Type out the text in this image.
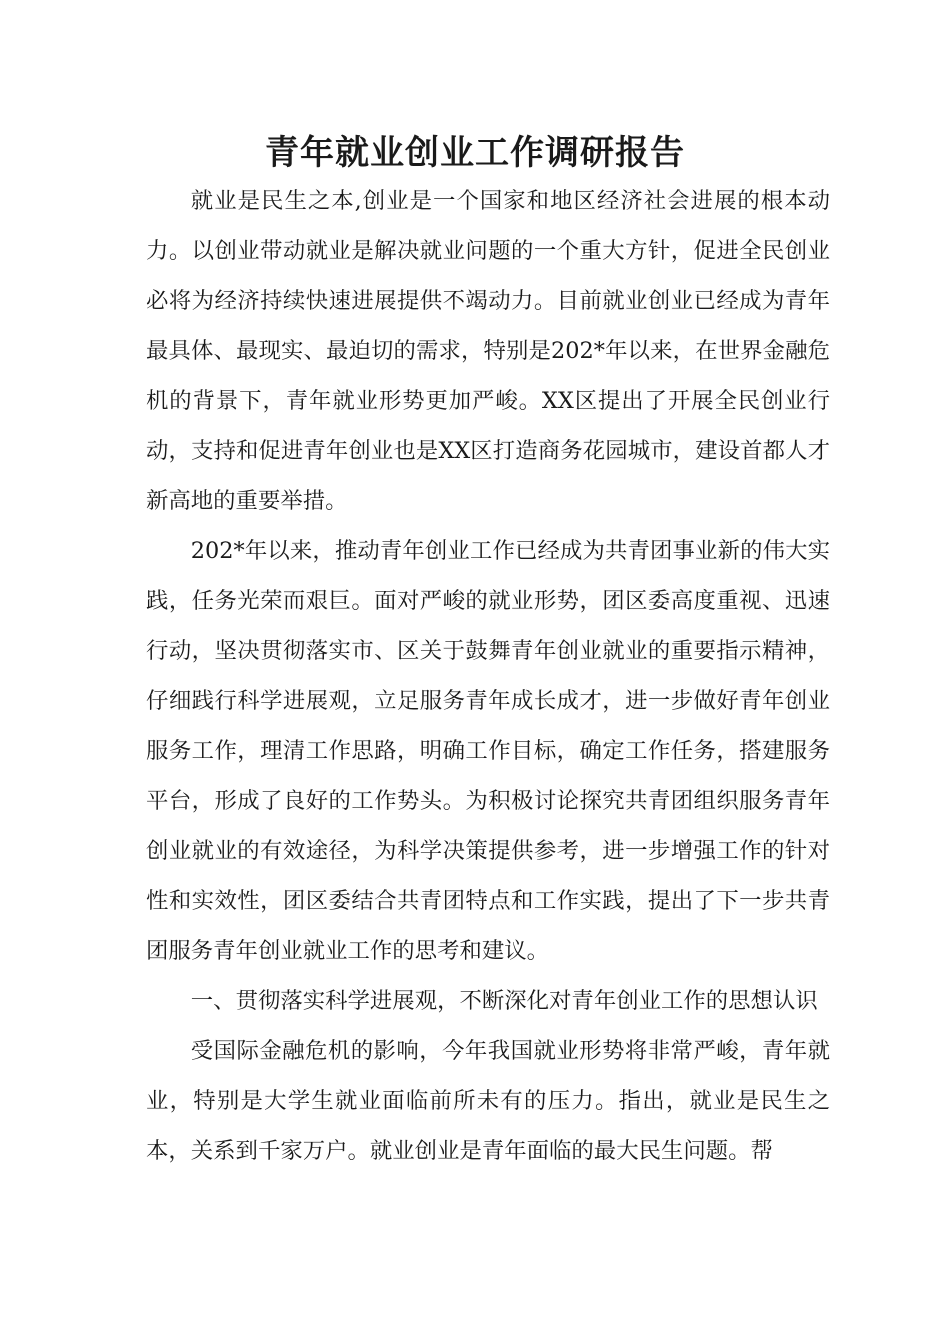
青年就业创业工作调研报告

就业是民生之本,创业是一个国家和地区经济社会进展的根本动力。以创业带动就业是解决就业问题的一个重大方针，促进全民创业必将为经济持续快速进展提供不竭动力。目前就业创业已经成为青年最具体、最现实、最迫切的需求，特别是202*年以来，在世界金融危机的背景下，青年就业形势更加严峻。XX区提出了开展全民创业行动，支持和促进青年创业也是XX区打造商务花园城市，建设首都人才新高地的重要举措。

202*年以来，推动青年创业工作已经成为共青团事业新的伟大实践，任务光荣而艰巨。面对严峻的就业形势，团区委高度重视、迅速行动，坚决贯彻落实市、区关于鼓舞青年创业就业的重要指示精神，仔细践行科学进展观，立足服务青年成长成才，进一步做好青年创业服务工作，理清工作思路，明确工作目标，确定工作任务，搭建服务平台，形成了良好的工作势头。为积极讨论探究共青团组织服务青年创业就业的有效途径，为科学决策提供参考，进一步增强工作的针对性和实效性，团区委结合共青团特点和工作实践，提出了下一步共青团服务青年创业就业工作的思考和建议。

一、贯彻落实科学进展观，不断深化对青年创业工作的思想认识

受国际金融危机的影响，今年我国就业形势将非常严峻，青年就业，特别是大学生就业面临前所未有的压力。指出，就业是民生之本，关系到千家万户。就业创业是青年面临的最大民生问题。帮
